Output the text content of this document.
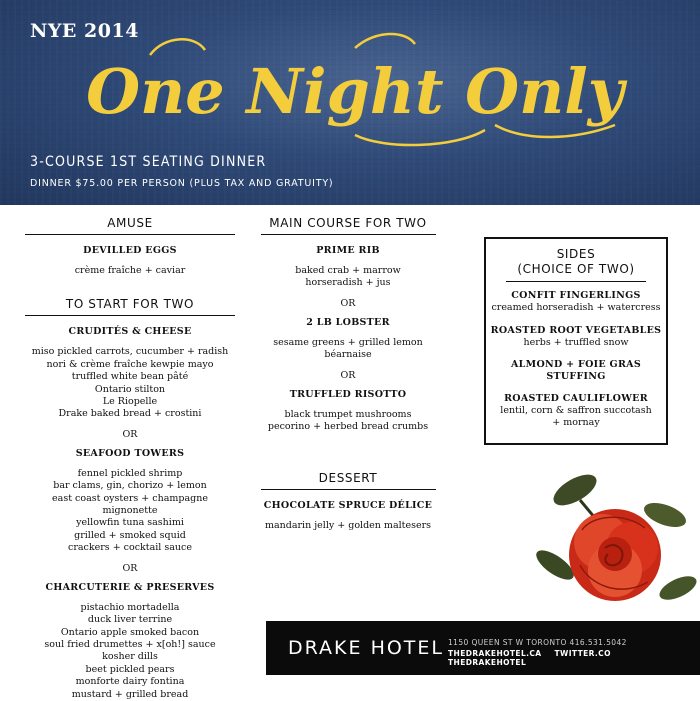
NYE 2014
One Night Only
3-COURSE 1ST SEATING DINNER
DINNER $75.00 PER PERSON (PLUS TAX AND GRATUITY)
AMUSE
DEVILLED EGGS
crème fraîche + caviar
TO START FOR TWO
CRUDITÉS & CHEESE
miso pickled carrots, cucumber + radish
nori & crème fraîche kewpie mayo
truffled white bean pâté
Ontario stilton
Le Riopelle
Drake baked bread + crostini
OR
SEAFOOD TOWERS
fennel pickled shrimp
bar clams, gin, chorizo + lemon
east coast oysters + champagne
mignonette
yellowfin tuna sashimi
grilled + smoked squid
crackers + cocktail sauce
OR
CHARCUTERIE & PRESERVES
pistachio mortadella
duck liver terrine
Ontario apple smoked bacon
soul fried drumettes + x[oh!] sauce
kosher dills
beet pickled pears
monforte dairy fontina
mustard + grilled bread
MAIN COURSE FOR TWO
PRIME RIB
baked crab + marrow
horseradish + jus
OR
2 LB LOBSTER
sesame greens + grilled lemon
béarnaise
OR
TRUFFLED RISOTTO
black trumpet mushrooms
pecorino + herbed bread crumbs
DESSERT
CHOCOLATE SPRUCE DÉLICE
mandarin jelly + golden maltesers
SIDES
(CHOICE OF TWO)
CONFIT FINGERLINGS
creamed horseradish + watercress
ROASTED ROOT VEGETABLES
herbs + truffled snow
ALMOND + FOIE GRAS
STUFFING
ROASTED CAULIFLOWER
lentil, corn & saffron succotash
+ mornay
DRAKE HOTEL 1150 QUEEN ST W TORONTO 416.531.5042
THEDRAKEHOTEL.CA TWITTER.CO THEDRAKEHOTEL
